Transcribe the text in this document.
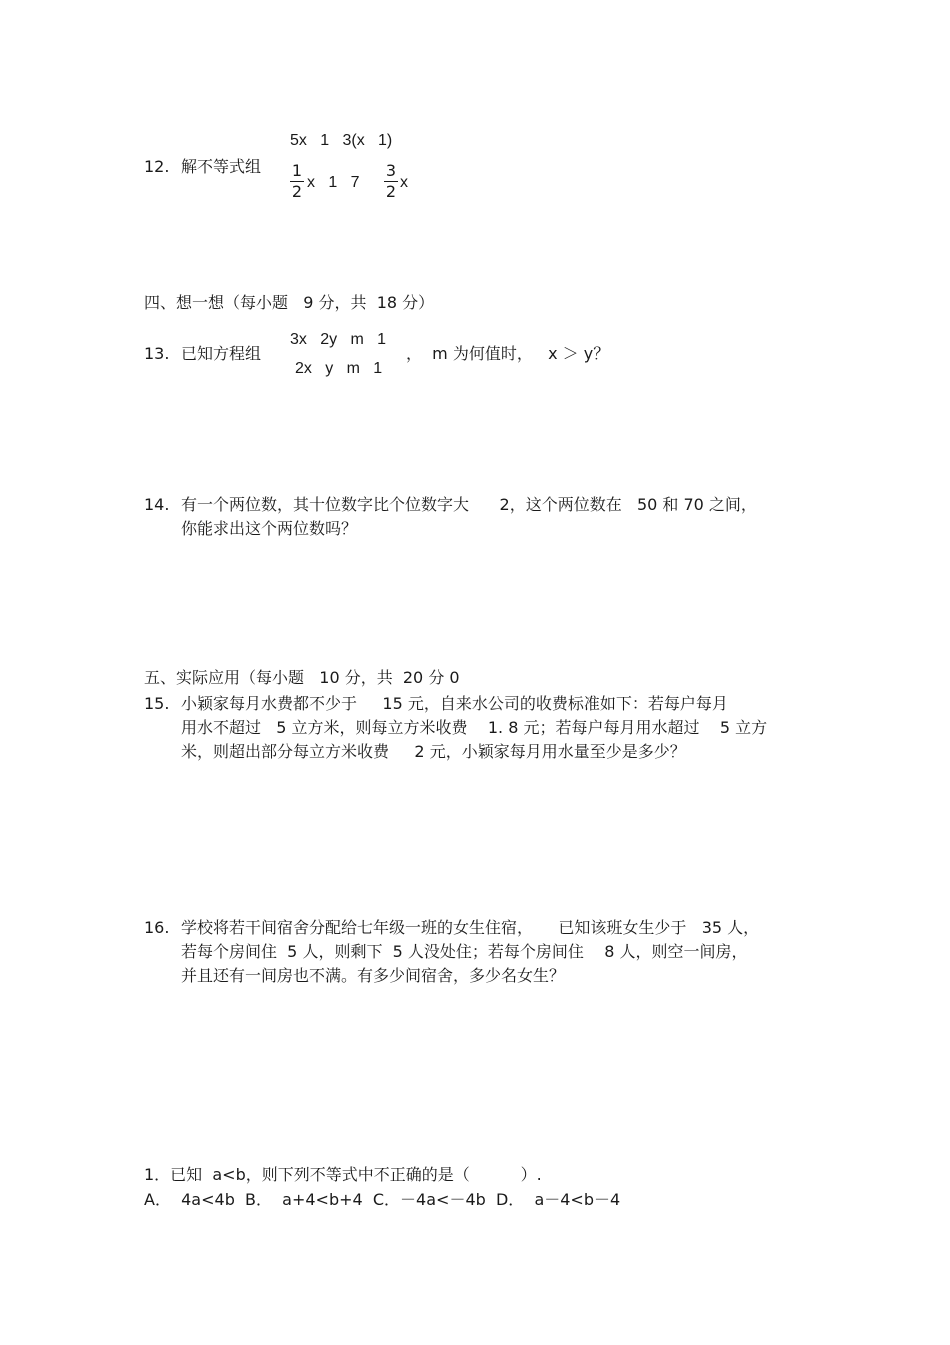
12. 解不等式组
5x   1   3(x   1)
1
2 x   1   7
3
2 x
四、想一想（每小题   9 分，共  18 分）
13. 已知方程组
3x   2y   m   1
2x   y   m   1
，  m 为何值时，   x ＞ y？
14. 有一个两位数，其十位数字比个位数字大      2，这个两位数在   50 和 70 之间，
你能求出这个两位数吗？
五、实际应用（每小题   10 分，共  20 分 0
15. 小颖家每月水费都不少于     15 元，自来水公司的收费标准如下：若每户每月
用水不超过   5 立方米，则每立方米收费    1. 8 元；若每户每月用水超过    5 立方
米，则超出部分每立方米收费     2 元，小颖家每月用水量至少是多少？
16. 学校将若干间宿舍分配给七年级一班的女生住宿，     已知该班女生少于   35 人，
若每个房间住  5 人，则剩下  5 人没处住；若每个房间住    8 人，则空一间房，
并且还有一间房也不满。有多少间宿舍，多少名女生？
1．已知  a<b，则下列不等式中不正确的是（          ）.
A．  4a<4b  B．  a+4<b+4  C．－4a<－4b  D．  a－4<b－4
